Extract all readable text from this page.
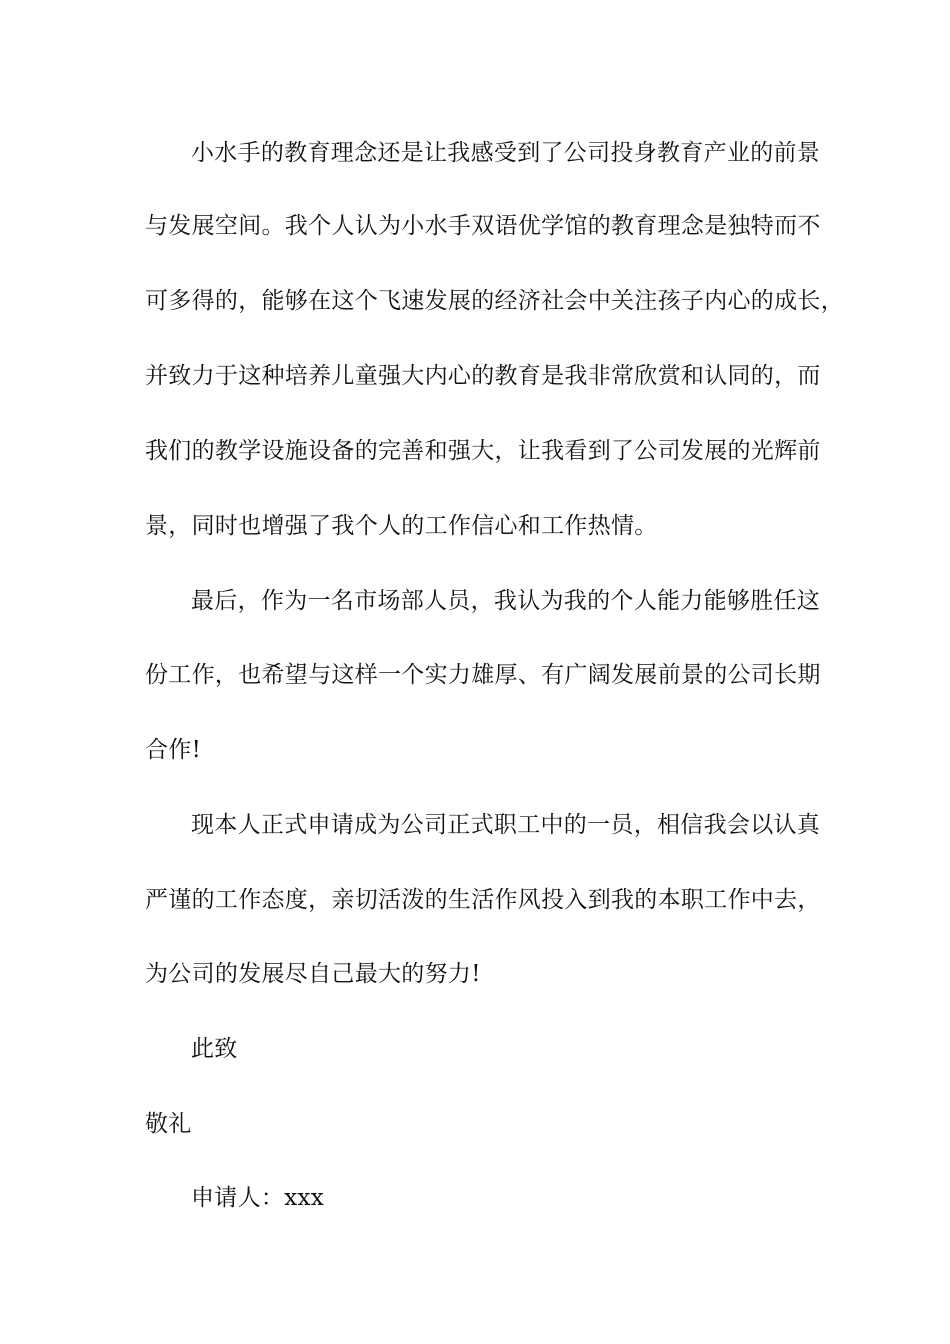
小水手的教育理念还是让我感受到了公司投身教育产业的前景
与发展空间。我个人认为小水手双语优学馆的教育理念是独特而不
可多得的，能够在这个飞速发展的经济社会中关注孩子内心的成长，
并致力于这种培养儿童强大内心的教育是我非常欣赏和认同的，而
我们的教学设施设备的完善和强大，让我看到了公司发展的光辉前
景，同时也增强了我个人的工作信心和工作热情。
最后，作为一名市场部人员，我认为我的个人能力能够胜任这
份工作，也希望与这样一个实力雄厚、有广阔发展前景的公司长期
合作!
现本人正式申请成为公司正式职工中的一员，相信我会以认真
严谨的工作态度，亲切活泼的生活作风投入到我的本职工作中去，
为公司的发展尽自己最大的努力!
此致
敬礼
申请人：xxx
